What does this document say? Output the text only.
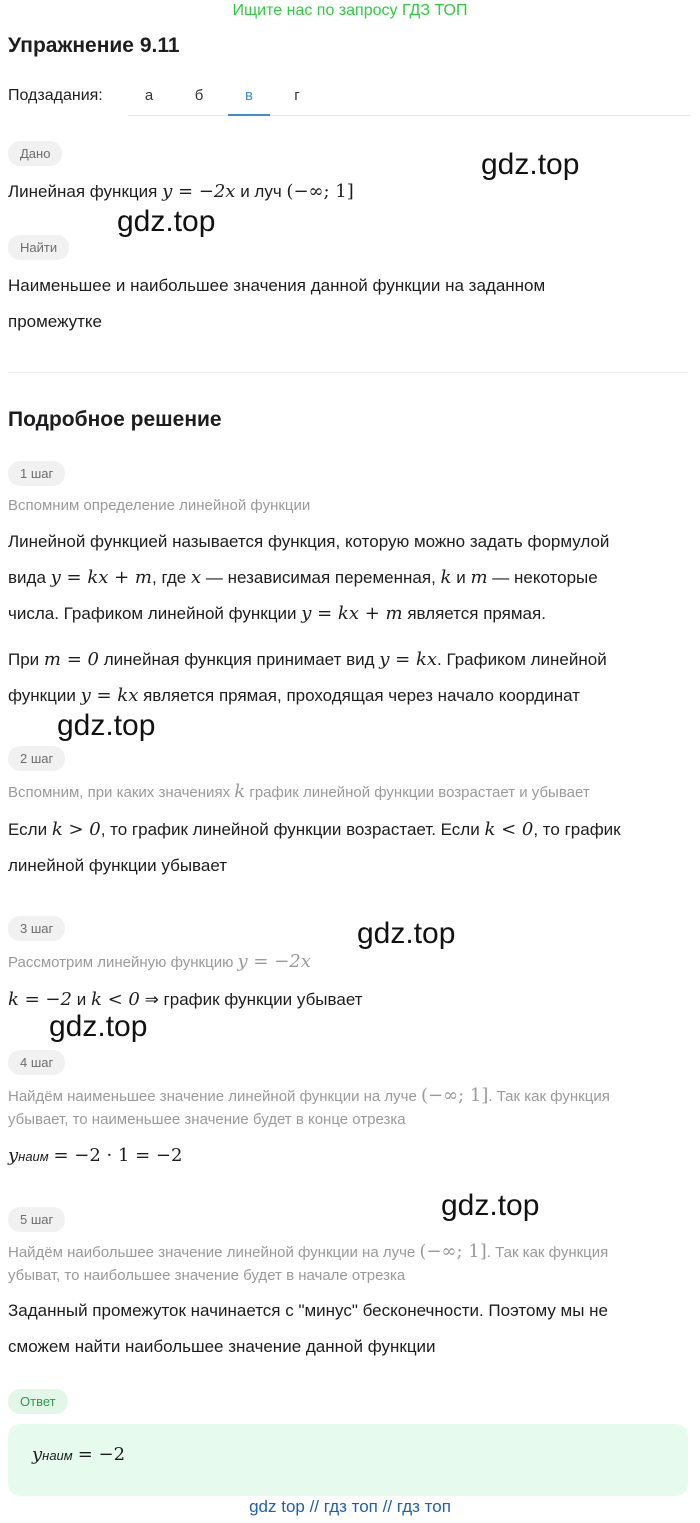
Ищите нас по запросу ГДЗ ТОП
Упражнение 9.11
Подзадания:	а	б	в	г
Дано
Линейная функция y = −2x и луч (−∞; 1]
Найти
Наименьшее и наибольшее значения данной функции на заданном
промежутке
Подробное решение
1 шаг
Вспомним определение линейной функции
Линейной функцией называется функция, которую можно задать формулой
вида y = kx + m, где x — независимая переменная, k и m — некоторые
числа. Графиком линейной функции y = kx + m является прямая.
При m = 0 линейная функция принимает вид y = kx. Графиком линейной
функции y = kx является прямая, проходящая через начало координат
2 шаг
Вспомним, при каких значениях k график линейной функции возрастает и убывает
Если k > 0, то график линейной функции возрастает. Если k < 0, то график
линейной функции убывает
3 шаг
Рассмотрим линейную функцию y = −2x
k = −2 и k < 0 ⇒ график функции убывает
4 шаг
Найдём наименьшее значение линейной функции на луче (−∞; 1]. Так как функция
убывает, то наименьшее значение будет в конце отрезка
yнаим = −2 · 1 = −2
5 шаг
Найдём наибольшее значение линейной функции на луче (−∞; 1]. Так как функция
убыват, то наибольшее значение будет в начале отрезка
Заданный промежуток начинается с "минус" бесконечности. Поэтому мы не
сможем найти наибольшее значение данной функции
Ответ
yнаим = −2
gdz.top
gdz.top
gdz.top
gdz.top
gdz.top
gdz.top
gdz top // гдз топ // гдз топ
